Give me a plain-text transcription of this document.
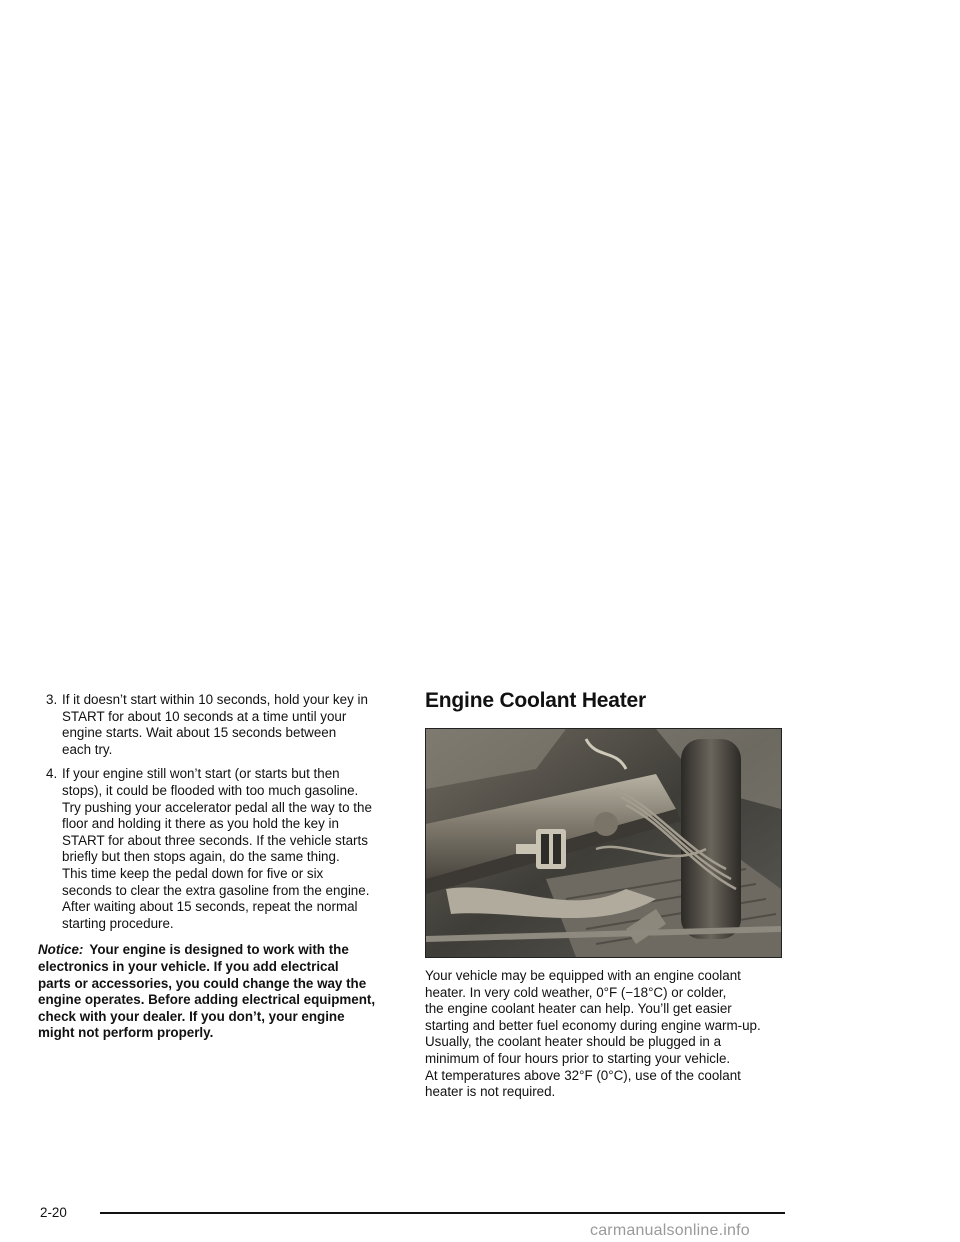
3. If it doesn’t start within 10 seconds, hold your key in

START for about 10 seconds at a time until your

engine starts. Wait about 15 seconds between

each try.

4. If your engine still won’t start (or starts but then

stops), it could be flooded with too much gasoline.

Try pushing your accelerator pedal all the way to the

floor and holding it there as you hold the key in

START for about three seconds. If the vehicle starts

briefly but then stops again, do the same thing.

This time keep the pedal down for five or six

seconds to clear the extra gasoline from the engine.

After waiting about 15 seconds, repeat the normal

starting procedure.

Notice: Your engine is designed to work with the
electronics in your vehicle. If you add electrical
parts or accessories, you could change the way the
engine operates. Before adding electrical equipment,
check with your dealer. If you don’t, your engine
might not perform properly.
Engine Coolant Heater

Your vehicle may be equipped with an engine coolant

heater. In very cold weather, 0°F (−18°C) or colder,

the engine coolant heater can help. You’ll get easier

starting and better fuel economy during engine warm-up.

Usually, the coolant heater should be plugged in a

minimum of four hours prior to starting your vehicle.

At temperatures above 32°F (0°C), use of the coolant

heater is not required.

2-20
carmanualsonline.info
